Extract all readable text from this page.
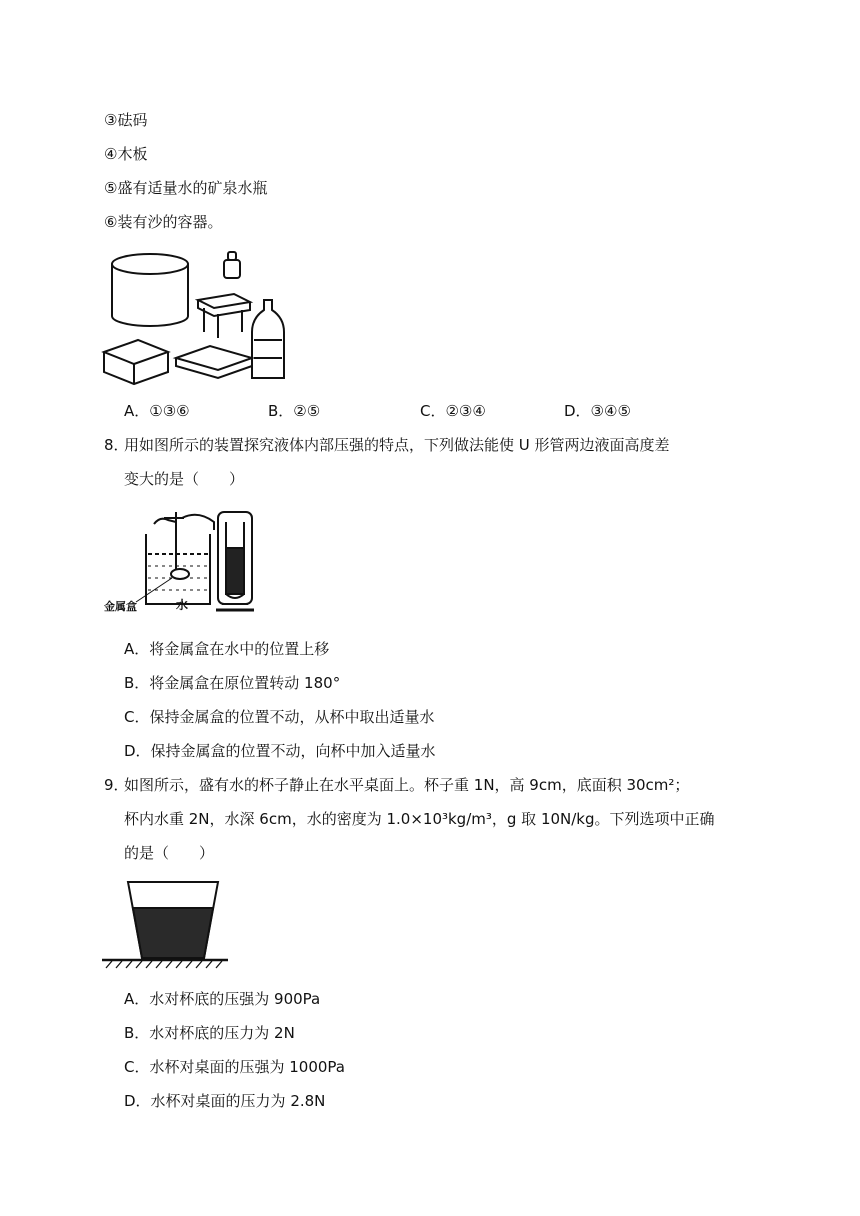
③砝码
④木板
⑤盛有适量水的矿泉水瓶
⑥装有沙的容器。
A．①③⑥	B．②⑤	C．②③④	D．③④⑤
8．
用如图所示的装置探究液体内部压强的特点，下列做法能使 U 形管两边液面高度差
变大的是（　　）
金属盒	水
A．将金属盒在水中的位置上移
B．将金属盒在原位置转动 180°
C．保持金属盒的位置不动，从杯中取出适量水
D．保持金属盒的位置不动，向杯中加入适量水
9．
如图所示，盛有水的杯子静止在水平桌面上。杯子重 1N，高 9cm，底面积 30cm²；
杯内水重 2N，水深 6cm，水的密度为 1.0×10³kg/m³，g 取 10N/kg。下列选项中正确
的是（　　）
A．水对杯底的压强为 900Pa
B．水对杯底的压力为 2N
C．水杯对桌面的压强为 1000Pa
D．水杯对桌面的压力为 2.8N
